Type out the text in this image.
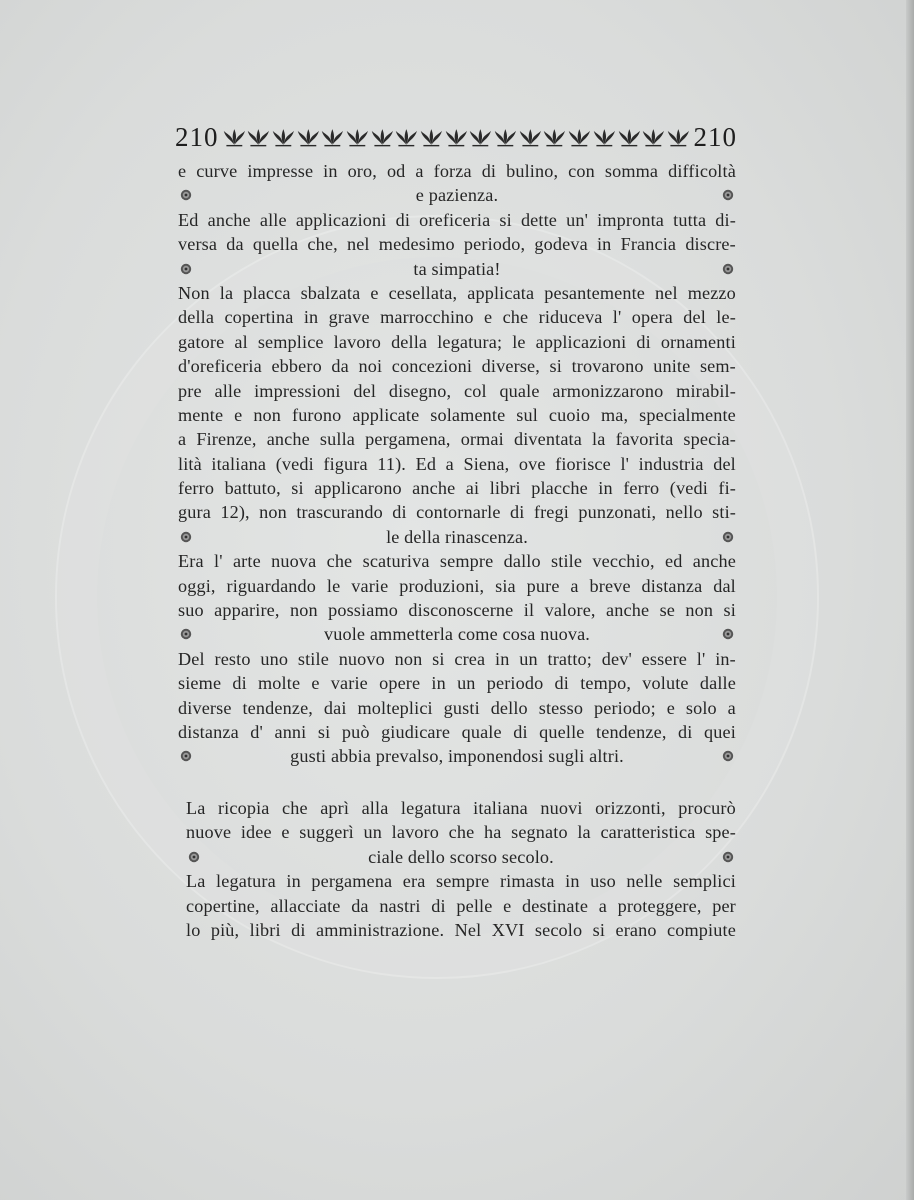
210	210
e curve impresse in oro, od a forza di bulino, con somma difficoltà
e pazienza.
Ed anche alle applicazioni di oreficeria si dette un' impronta tutta di-
versa da quella che, nel medesimo periodo, godeva in Francia discre-
ta simpatia!
Non la placca sbalzata e cesellata, applicata pesantemente nel mezzo
della copertina in grave marrocchino e che riduceva l' opera del le-
gatore al semplice lavoro della legatura; le applicazioni di ornamenti
d'oreficeria ebbero da noi concezioni diverse, si trovarono unite sem-
pre alle impressioni del disegno, col quale armonizzarono mirabil-
mente e non furono applicate solamente sul cuoio ma, specialmente
a Firenze, anche sulla pergamena, ormai diventata la favorita specia-
lità italiana (vedi figura 11). Ed a Siena, ove fiorisce l' industria del
ferro battuto, si applicarono anche ai libri placche in ferro (vedi fi-
gura 12), non trascurando di contornarle di fregi punzonati, nello sti-
le della rinascenza.
Era l' arte nuova che scaturiva sempre dallo stile vecchio, ed anche
oggi, riguardando le varie produzioni, sia pure a breve distanza dal
suo apparire, non possiamo disconoscerne il valore, anche se non si
vuole ammetterla come cosa nuova.
Del resto uno stile nuovo non si crea in un tratto; dev' essere l' in-
sieme di molte e varie opere in un periodo di tempo, volute dalle
diverse tendenze, dai molteplici gusti dello stesso periodo; e solo a
distanza d' anni si può giudicare quale di quelle tendenze, di quei
gusti abbia prevalso, imponendosi sugli altri.
La ricopia che aprì alla legatura italiana nuovi orizzonti, procurò
nuove idee e suggerì un lavoro che ha segnato la caratteristica spe-
ciale dello scorso secolo.
La legatura in pergamena era sempre rimasta in uso nelle semplici
copertine, allacciate da nastri di pelle e destinate a proteggere, per
lo più, libri di amministrazione. Nel XVI secolo si erano compiute
